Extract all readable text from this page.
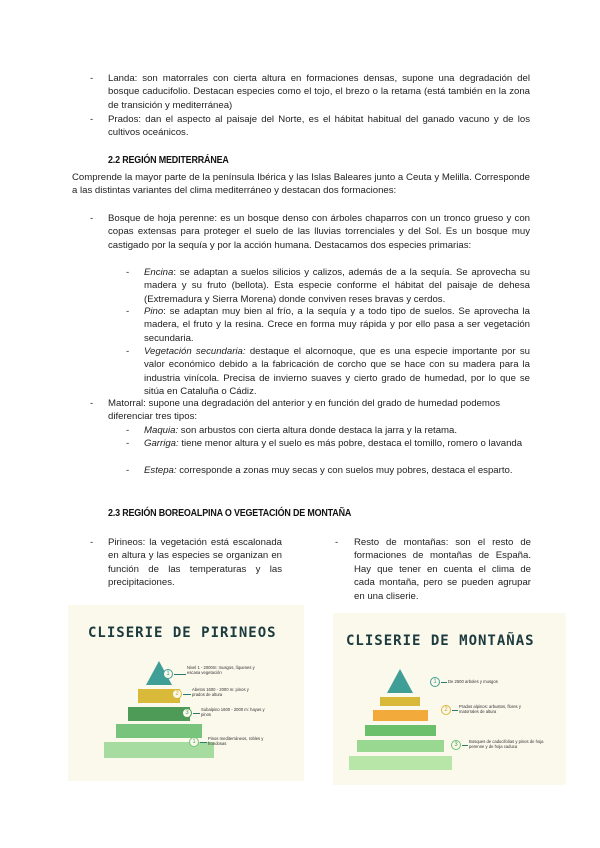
- Landa: son matorrales con cierta altura en formaciones densas, supone una degradación del bosque caducifolio. Destacan especies como el tojo, el brezo o la retama (está también en la zona de transición y mediterránea)

- Prados: dan el aspecto al paisaje del Norte, es el hábitat habitual del ganado vacuno y de los cultivos oceánicos.

2.2 REGIÓN MEDITERRÁNEA

Comprende la mayor parte de la península Ibérica y las Islas Baleares junto a Ceuta y Melilla. Corresponde a las distintas variantes del clima mediterráneo y destacan dos formaciones:

- Bosque de hoja perenne: es un bosque denso con árboles chaparros con un tronco grueso y con copas extensas para proteger el suelo de las lluvias torrenciales y del Sol. Es un bosque muy castigado por la sequía y por la acción humana. Destacamos dos especies primarias:

- Encina: se adaptan a suelos silicios y calizos, además de a la sequía. Se aprovecha su madera y su fruto (bellota). Esta especie conforme el hábitat del paisaje de dehesa (Extremadura y Sierra Morena) donde conviven reses bravas y cerdos.

- Pino: se adaptan muy bien al frío, a la sequía y a todo tipo de suelos. Se aprovecha la madera, el fruto y la resina. Crece en forma muy rápida y por ello pasa a ser vegetación secundaria.

- Vegetación secundaria: destaque el alcornoque, que es una especie importante por su valor económico debido a la fabricación de corcho que se hace con su madera para la industria vinícola. Precisa de invierno suaves y cierto grado de humedad, por lo que se sitúa en Cataluña o Cádiz.

- Matorral: supone una degradación del anterior y en función del grado de humedad podemos diferenciar tres tipos:

- Maquia: son arbustos con cierta altura donde destaca la jarra y la retama.

- Garriga: tiene menor altura y el suelo es más pobre, destaca el tomillo, romero o lavanda

- Estepa: corresponde a zonas muy secas y con suelos muy pobres, destaca el esparto.

2.3 REGIÓN BOREOALPINA O VEGETACIÓN DE MONTAÑA
- Pirineos: la vegetación está escalonada en altura y las especies se organizan en función de las temperaturas y las precipitaciones.

- Resto de montañas: son el resto de formaciones de montañas de España. Hay que tener en cuenta el clima de cada montaña, pero se pueden agrupar en una cliserie.

CLISERIE DE PIRINEOS
1
Nivel 1 - 2000m: musgos, líquenes y escasa vegetación
2
Abetos 1600 - 2000 m: pinos y prados de altura
3
Subalpino 1600 - 2000 m: hayas y pinos
1
Pinos mediterráneos, robles y frondosas
CLISERIE DE MONTAÑAS
1	De 2500 arboles y musgos
2
Prados alpinos: arbustos, flores y matorrales de altura
3
Bosques de caducifolias y pinos de hoja perenne y de hoja caduca
